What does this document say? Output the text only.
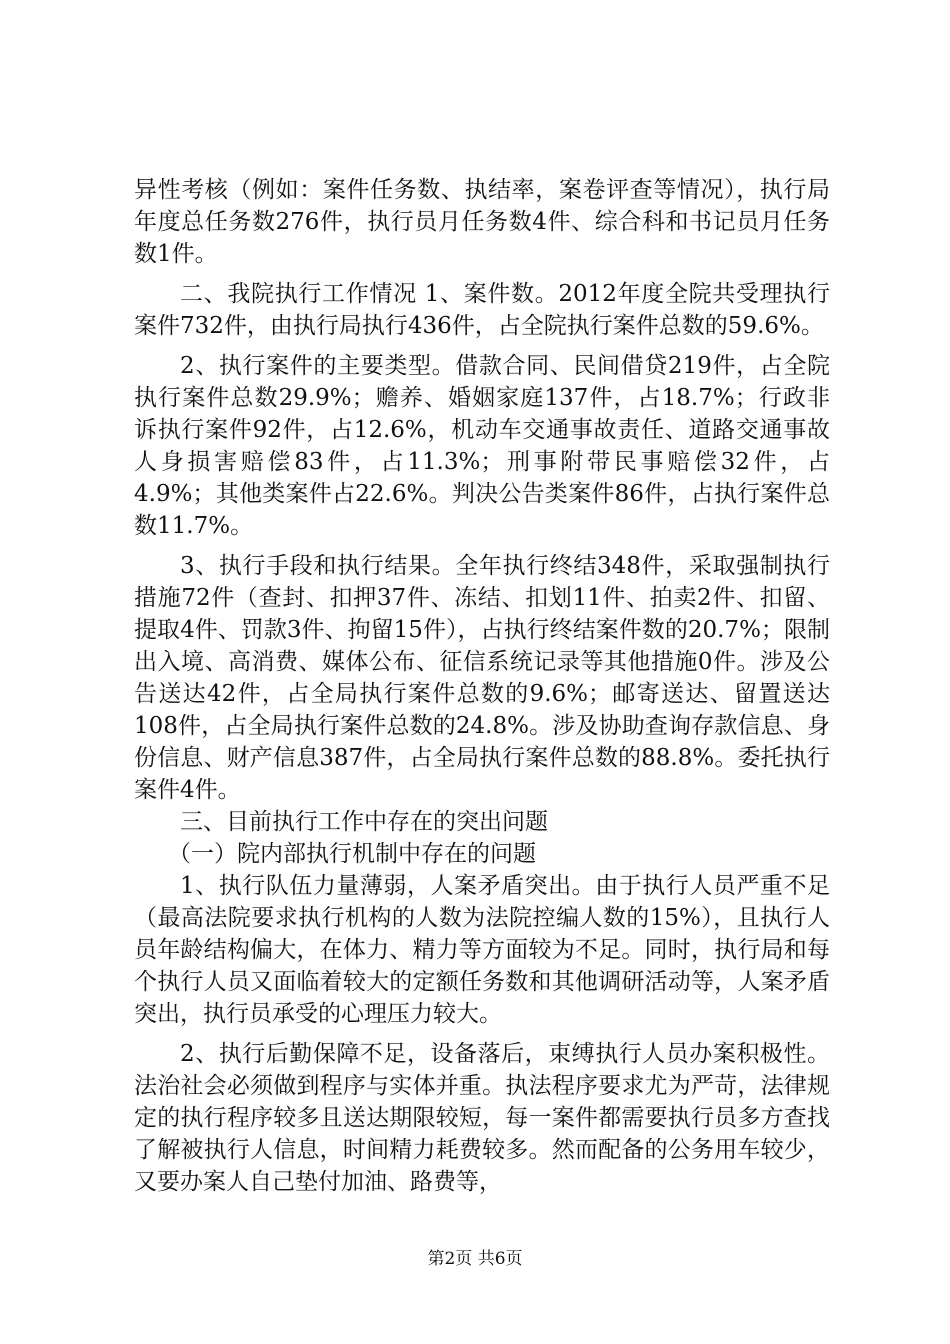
异性考核（例如：案件任务数、执结率，案卷评查等情况），执行局年度总任务数276件，执行员月任务数4件、综合科和书记员月任务数1件。

二、我院执行工作情况 1、案件数。2012年度全院共受理执行案件732件，由执行局执行436件，占全院执行案件总数的59.6%。

2、执行案件的主要类型。借款合同、民间借贷219件，占全院执行案件总数29.9%；赡养、婚姻家庭137件，占18.7%；行政非诉执行案件92件，占12.6%，机动车交通事故责任、道路交通事故人身损害赔偿83件，占11.3%；刑事附带民事赔偿32件，占4.9%；其他类案件占22.6%。判决公告类案件86件，占执行案件总数11.7%。

3、执行手段和执行结果。全年执行终结348件，采取强制执行措施72件（查封、扣押37件、冻结、扣划11件、拍卖2件、扣留、提取4件、罚款3件、拘留15件），占执行终结案件数的20.7%；限制出入境、高消费、媒体公布、征信系统记录等其他措施0件。涉及公告送达42件，占全局执行案件总数的9.6%；邮寄送达、留置送达108件，占全局执行案件总数的24.8%。涉及协助查询存款信息、身份信息、财产信息387件，占全局执行案件总数的88.8%。委托执行案件4件。

三、目前执行工作中存在的突出问题

（一）院内部执行机制中存在的问题

1、执行队伍力量薄弱，人案矛盾突出。由于执行人员严重不足（最高法院要求执行机构的人数为法院控编人数的15%），且执行人员年龄结构偏大，在体力、精力等方面较为不足。同时，执行局和每个执行人员又面临着较大的定额任务数和其他调研活动等，人案矛盾突出，执行员承受的心理压力较大。

2、执行后勤保障不足，设备落后，束缚执行人员办案积极性。法治社会必须做到程序与实体并重。执法程序要求尤为严苛，法律规定的执行程序较多且送达期限较短，每一案件都需要执行员多方查找了解被执行人信息，时间精力耗费较多。然而配备的公务用车较少，又要办案人自己垫付加油、路费等，

第2页 共6页
